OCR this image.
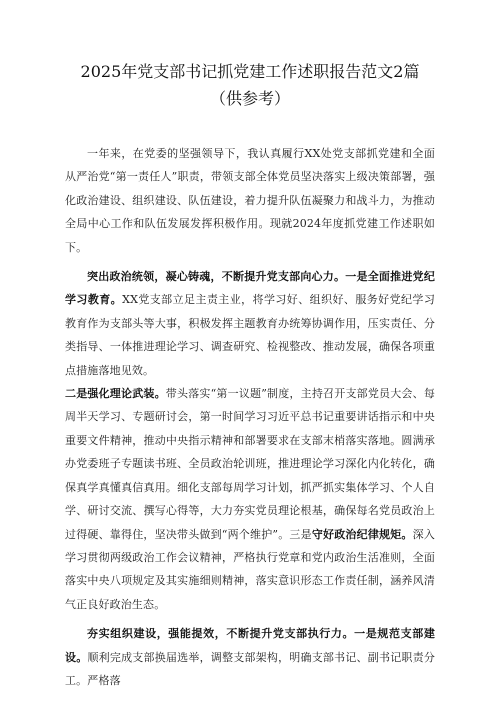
2025年党支部书记抓党建工作述职报告范文2篇（供参考）

一年来，在党委的坚强领导下，我认真履行XX处党支部抓党建和全面从严治党“第一责任人”职责，带领支部全体党员坚决落实上级决策部署，强化政治建设、组织建设、队伍建设，着力提升队伍凝聚力和战斗力，为推动全局中心工作和队伍发展发挥积极作用。现就2024年度抓党建工作述职如下。

突出政治统领，凝心铸魂，不断提升党支部向心力。一是全面推进党纪学习教育。XX党支部立足主责主业，将学习好、组织好、服务好党纪学习教育作为支部头等大事，积极发挥主题教育办统筹协调作用，压实责任、分类指导、一体推进理论学习、调查研究、检视整改、推动发展，确保各项重点措施落地见效。

二是强化理论武装。带头落实“第一议题”制度，主持召开支部党员大会、每周半天学习、专题研讨会，第一时间学习习近平总书记重要讲话指示和中央重要文件精神，推动中央指示精神和部署要求在支部末梢落实落地。圆满承办党委班子专题读书班、全员政治轮训班，推进理论学习深化内化转化，确保真学真懂真信真用。细化支部每周学习计划，抓严抓实集体学习、个人自学、研讨交流、撰写心得等，大力夯实党员理论根基，确保每名党员政治上过得硬、靠得住，坚决带头做到“两个维护”。三是守好政治纪律规矩。深入学习贯彻两级政治工作会议精神，严格执行党章和党内政治生活准则，全面落实中央八项规定及其实施细则精神，落实意识形态工作责任制，涵养风清气正良好政治生态。

夯实组织建设，强能提效，不断提升党支部执行力。一是规范支部建设。顺利完成支部换届选举，调整支部架构，明确支部书记、副书记职责分工。严格落
